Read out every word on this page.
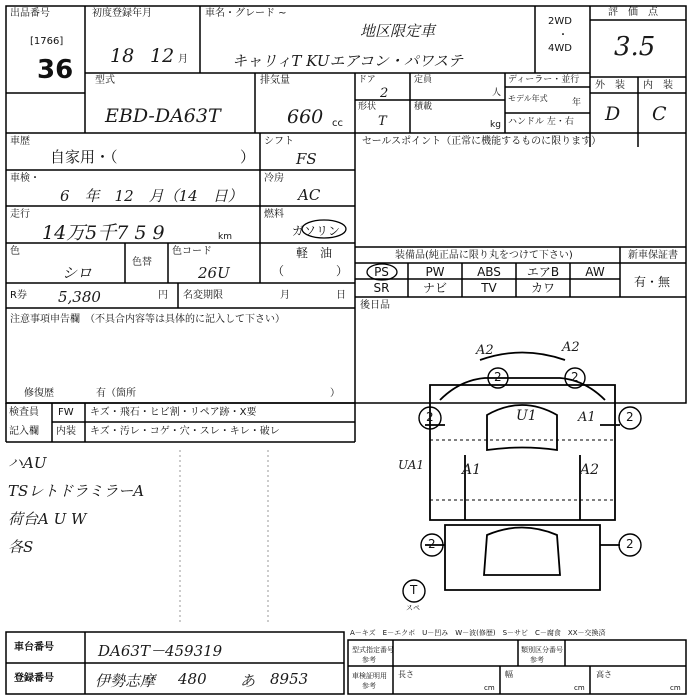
出品番号
[1766]
36
初度登録年月
18 12 月
車名・グレード ~
地区限定車
キャリィT KUエアコン・パワステ
2WD
・
4WD
評　価　点
3.5
型式
EBD-DA63T
排気量
660 cc
ドア
2
定員
人
形状
T
積載
kg
ディーラー・並行
モデル年式	年
ハンドル 左・右
外　装 内　装
D C
車歴
自家用・（	）
シフト
FS
セールスポイント（正常に機能するものに限ります）
車検・
6　年　12　月（14　日）
冷房
AC
走行
14万5千7 5 9	km
燃料
ガソリン
軽　油
（	）
色
シロ
色替
色コード
26U
装備品(純正品に限り丸をつけて下さい)
PS	PW	ABS	エアB	AW
SR	ナビ	TV	カワ
新車保証書
有・無
R券 5,380	円 名変期限	月	日
後日品
注意事項申告欄　（不具合内容等は具体的に記入して下さい）
修復歴	有（箇所	）
検査員
記入欄
FW キズ・飛石・ヒビ割・リペア跡・X要
内装 キズ・汚レ・コゲ・穴・スレ・キレ・破レ
ハAU
TSレトドラミラーA
荷台A U W
各S
A2	A2
U1	A1
UA1	A1	A2
2	2
2	2
2	2
T
スペ
A－キズ　E－エクボ　U－凹み　W－波(修歴)　S－サビ　C－腐食　XX－交換済
車台番号	DA63T－459319
登録番号	伊勢志摩 480 あ 8953
型式指定番号
参考
類別区分番号
参考
車検証明用
参考
長さ
cm
幅
cm
高さ
cm
